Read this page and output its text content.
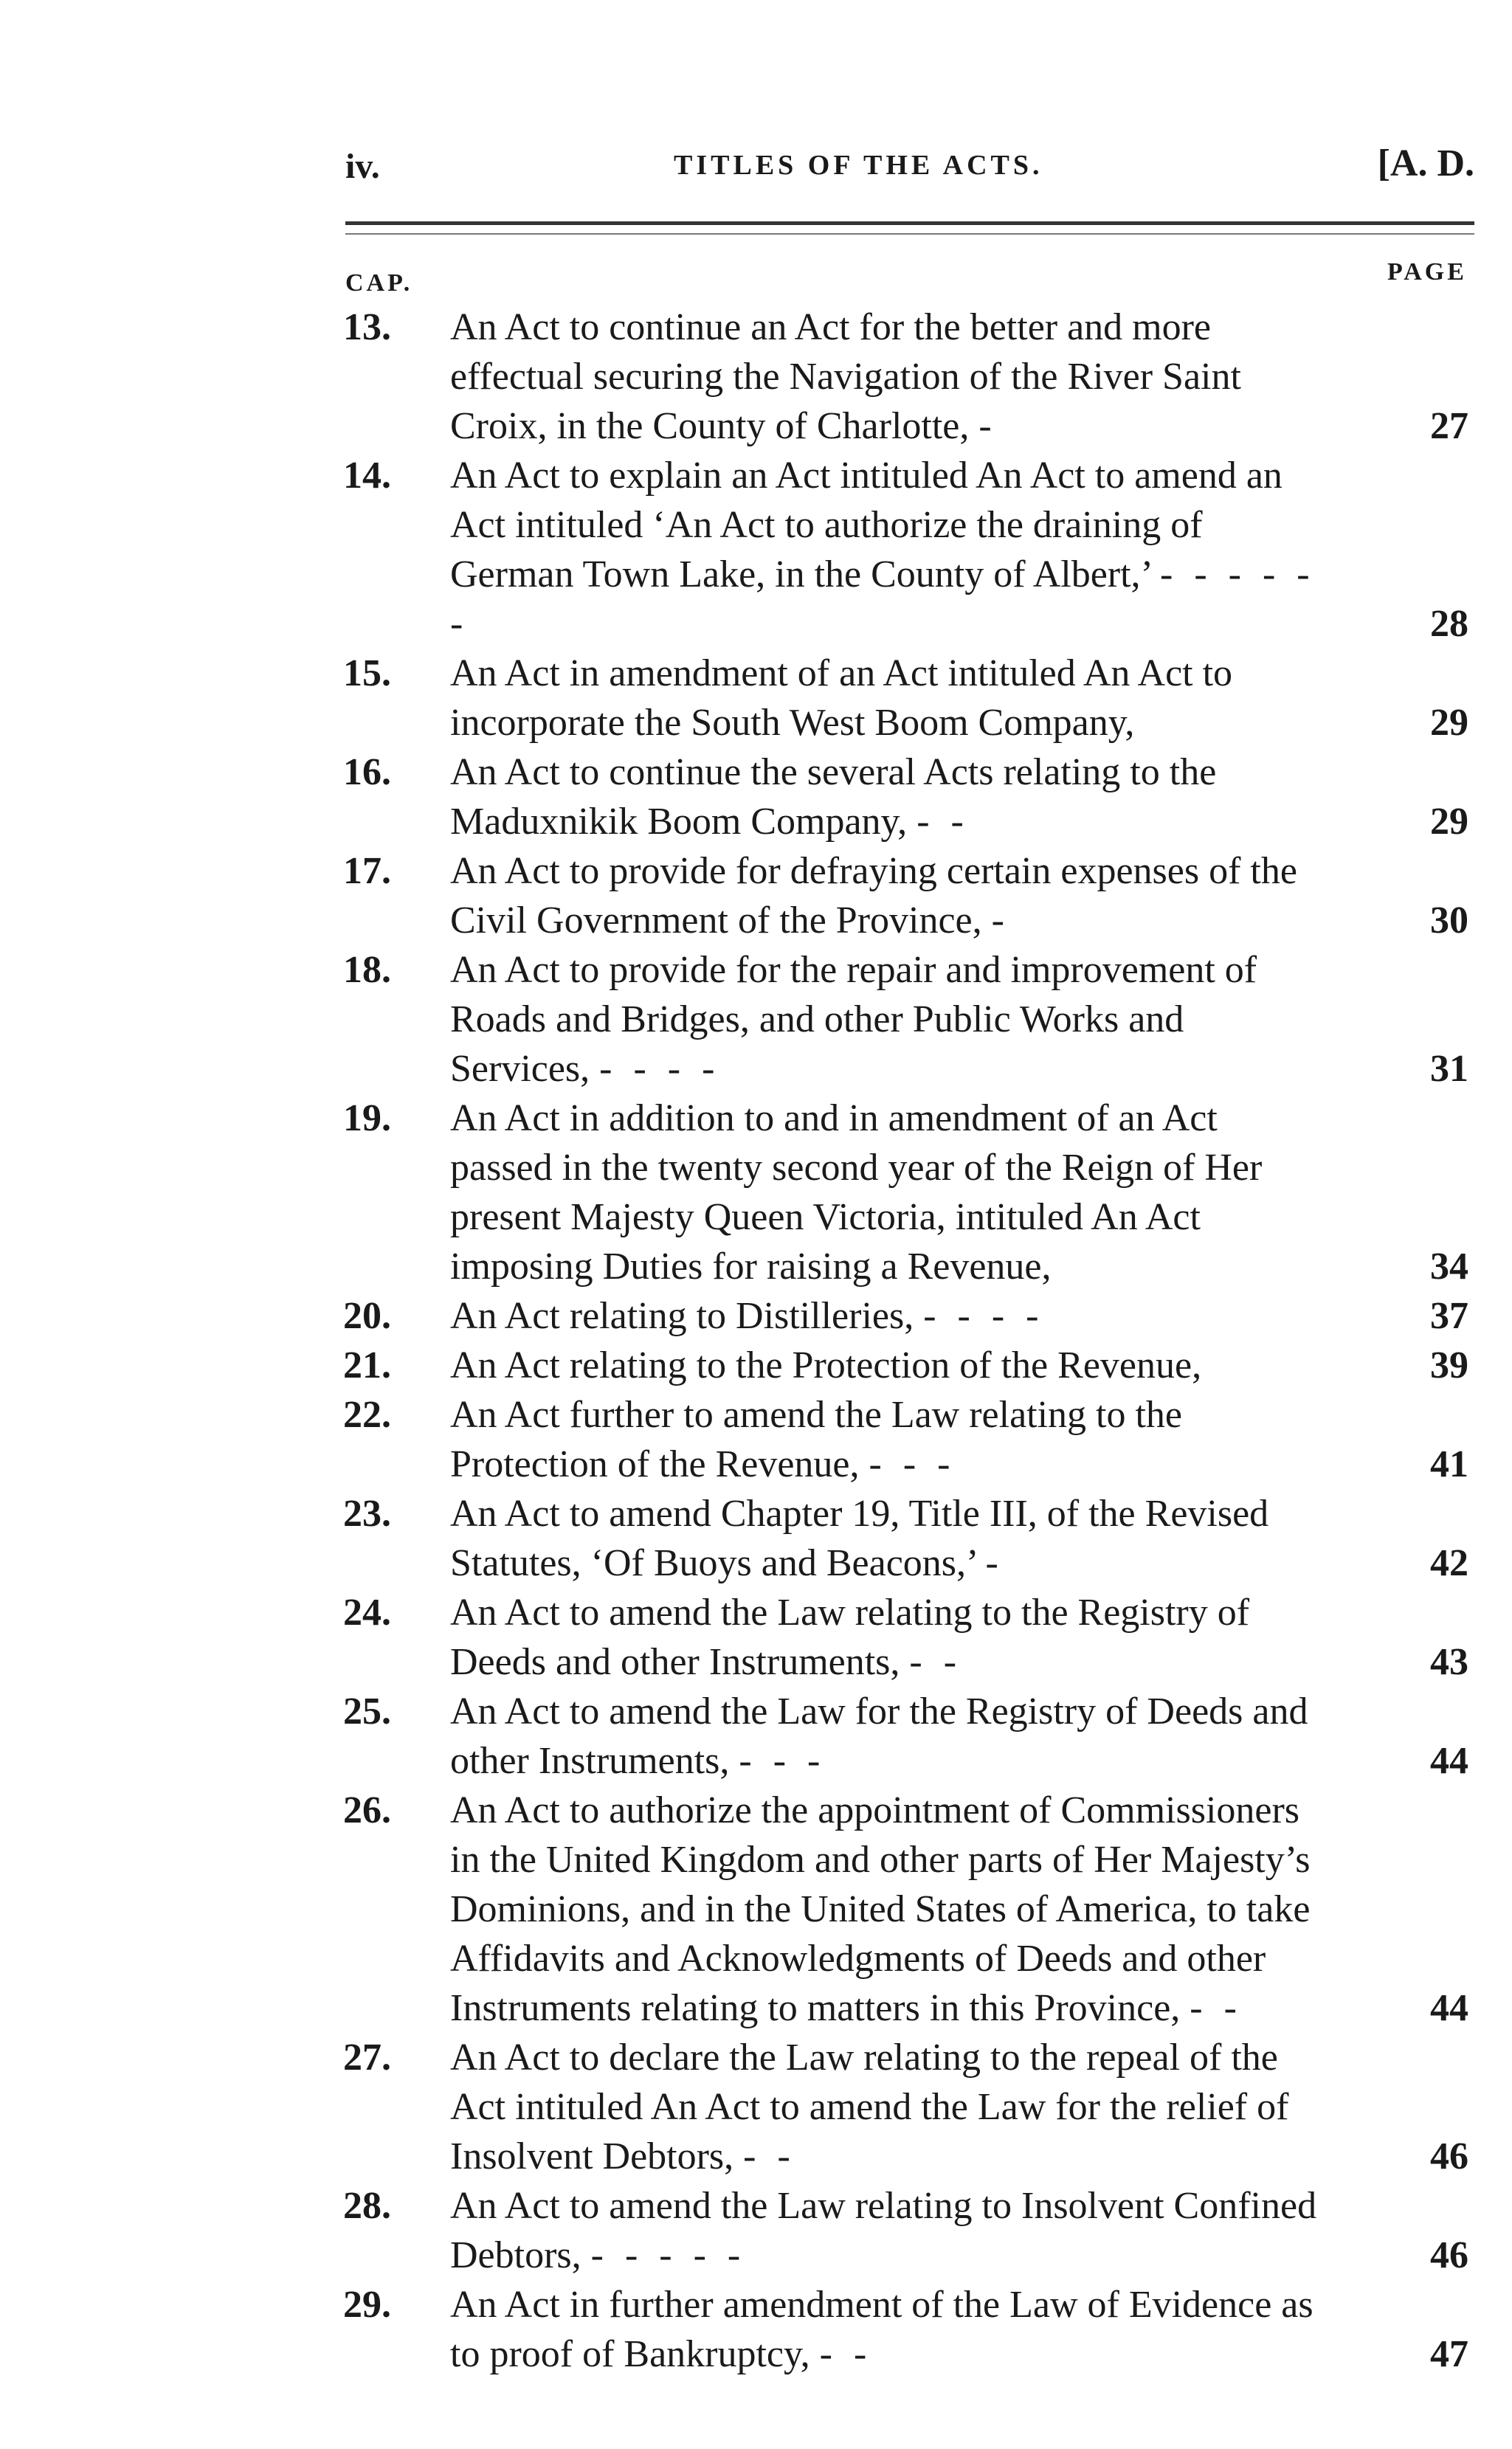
iv.	TITLES OF THE ACTS.	[A. D.
CAP.	PAGE
13. An Act to continue an Act for the better and more effectual securing the Navigation of the River Saint Croix, in the County of Charlotte, -	27
14. An Act to explain an Act intituled An Act to amend an Act intituled ‘An Act to authorize the draining of German Town Lake, in the County of Albert,’ - - - - - -	28
15. An Act in amendment of an Act intituled An Act to incorporate the South West Boom Company,	29
16. An Act to continue the several Acts relating to the Maduxnikik Boom Company, - -	29
17. An Act to provide for defraying certain expenses of the Civil Government of the Province, -	30
18. An Act to provide for the repair and improvement of Roads and Bridges, and other Public Works and Services, - - - -	31
19. An Act in addition to and in amendment of an Act passed in the twenty second year of the Reign of Her present Majesty Queen Victoria, intituled An Act imposing Duties for raising a Revenue,	34
20. An Act relating to Distilleries, - - - -	37
21. An Act relating to the Protection of the Revenue,	39
22. An Act further to amend the Law relating to the Protection of the Revenue, - - -	41
23. An Act to amend Chapter 19, Title III, of the Revised Statutes, ‘Of Buoys and Beacons,’ -	42
24. An Act to amend the Law relating to the Registry of Deeds and other Instruments, - -	43
25. An Act to amend the Law for the Registry of Deeds and other Instruments, - - -	44
26. An Act to authorize the appointment of Commissioners in the United Kingdom and other parts of Her Majesty’s Dominions, and in the United States of America, to take Affidavits and Acknowledgments of Deeds and other Instruments relating to matters in this Province, - -	44
27. An Act to declare the Law relating to the repeal of the Act intituled An Act to amend the Law for the relief of Insolvent Debtors, - -	46
28. An Act to amend the Law relating to Insolvent Confined Debtors, - - - - -	46
29. An Act in further amendment of the Law of Evidence as to proof of Bankruptcy, - -	47
